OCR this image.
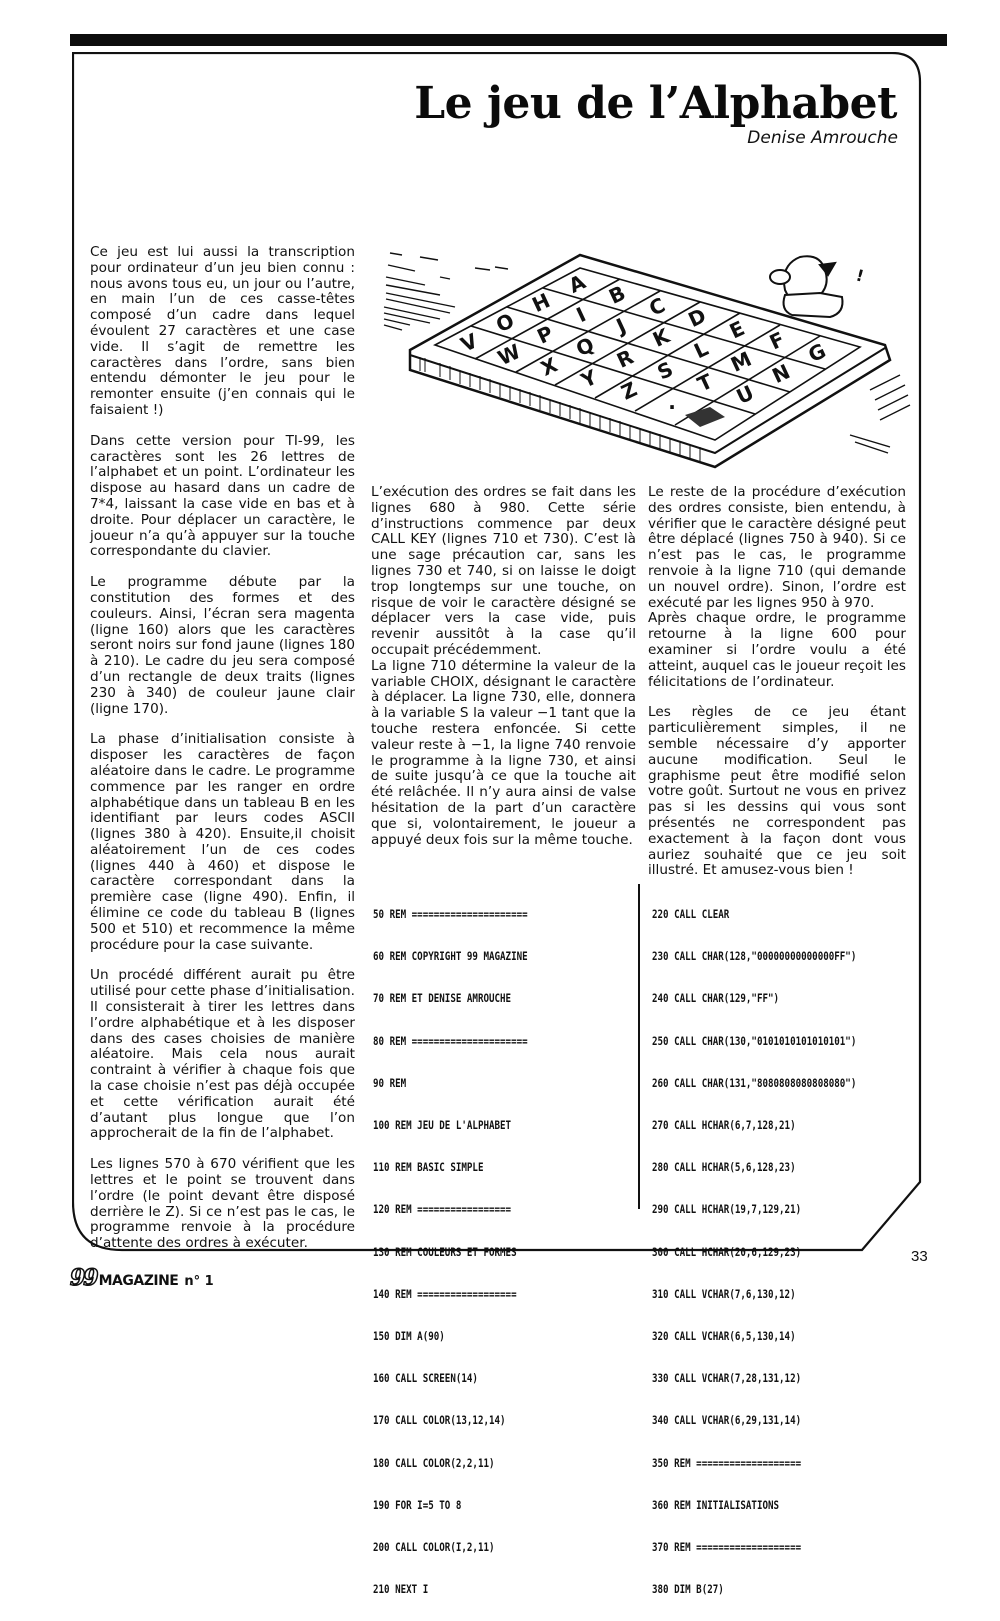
Le jeu de l’Alphabet
Denise Amrouche
A B C D E F G
H I J K L M N
O P Q R S T U
V W X Y Z .
!

Ce jeu est lui aussi la transcription pour ordinateur d’un jeu bien connu : nous avons tous eu, un jour ou l’autre, en main l’un de ces casse-têtes composé d’un cadre dans lequel évoulent 27 caractères et une case vide. Il s’agit de remettre les caractères dans l’ordre, sans bien entendu démonter le jeu pour le remonter ensuite (j’en connais qui le faisaient !)

Dans cette version pour TI-99, les caractères sont les 26 lettres de l’alphabet et un point. L’ordinateur les dispose au hasard dans un cadre de 7*4, laissant la case vide en bas et à droite. Pour déplacer un caractère, le joueur n’a qu’à appuyer sur la touche correspondante du clavier.

Le programme débute par la constitution des formes et des couleurs. Ainsi, l’écran sera magenta (ligne 160) alors que les caractères seront noirs sur fond jaune (lignes 180 à 210). Le cadre du jeu sera composé d’un rectangle de deux traits (lignes 230 à 340) de couleur jaune clair (ligne 170).

La phase d’initialisation consiste à disposer les caractères de façon aléatoire dans le cadre. Le programme commence par les ranger en ordre alphabétique dans un tableau B en les identifiant par leurs codes ASCII (lignes 380 à 420). Ensuite,il choisit aléatoirement l’un de ces codes (lignes 440 à 460) et dispose le caractère correspondant dans la première case (ligne 490). Enfin, il élimine ce code du tableau B (lignes 500 et 510) et recommence la même procédure pour la case suivante.

Un procédé différent aurait pu être utilisé pour cette phase d’initialisation. Il consisterait à tirer les lettres dans l’ordre alphabétique et à les disposer dans des cases choisies de manière aléatoire. Mais cela nous aurait contraint à vérifier à chaque fois que la case choisie n’est pas déjà occupée et cette vérification aurait été d’autant plus longue que l’on approcherait de la fin de l’alphabet.

Les lignes 570 à 670 vérifient que les lettres et le point se trouvent dans l’ordre (le point devant être disposé derrière le Z). Si ce n’est pas le cas, le programme renvoie à la procédure d’attente des ordres à exécuter.

L’exécution des ordres se fait dans les lignes 680 à 980. Cette série d’instructions commence par deux CALL KEY (lignes 710 et 730). C’est là une sage précaution car, sans les lignes 730 et 740, si on laisse le doigt trop longtemps sur une touche, on risque de voir le caractère désigné se déplacer vers la case vide, puis revenir aussitôt à la case qu’il occupait précédemment.

La ligne 710 détermine la valeur de la variable CHOIX, désignant le caractère à déplacer. La ligne 730, elle, donnera à la variable S la valeur −1 tant que la touche restera enfoncée. Si cette valeur reste à −1, la ligne 740 renvoie le programme à la ligne 730, et ainsi de suite jusqu’à ce que la touche ait été relâchée. Il n’y aura ainsi de valse hésitation de la part d’un caractère que si, volontairement, le joueur a appuyé deux fois sur la même touche.

Le reste de la procédure d’exécution des ordres consiste, bien entendu, à vérifier que le caractère désigné peut être déplacé (lignes 750 à 940). Si ce n’est pas le cas, le programme renvoie à la ligne 710 (qui demande un nouvel ordre). Sinon, l’ordre est exécuté par les lignes 950 à 970.

Après chaque ordre, le programme retourne à la ligne 600 pour examiner si l’ordre voulu a été atteint, auquel cas le joueur reçoit les félicitations de l’ordinateur.

Les règles de ce jeu étant particulièrement simples, il ne semble nécessaire d’y apporter aucune modification. Seul le graphisme peut être modifié selon votre goût. Surtout ne vous en privez pas si les dessins qui vous sont présentés ne correspondent pas exactement à la façon dont vous auriez souhaité que ce jeu soit illustré. Et amusez-vous bien !

50 REM =====================

60 REM COPYRIGHT 99 MAGAZINE

70 REM ET DENISE AMROUCHE

80 REM =====================

90 REM

100 REM JEU DE L'ALPHABET

110 REM BASIC SIMPLE

120 REM =================

130 REM COULEURS ET FORMES

140 REM ==================

150 DIM A(90)

160 CALL SCREEN(14)

170 CALL COLOR(13,12,14)

180 CALL COLOR(2,2,11)

190 FOR I=5 TO 8

200 CALL COLOR(I,2,11)

210 NEXT I

220 CALL CLEAR

230 CALL CHAR(128,"00000000000000FF")

240 CALL CHAR(129,"FF")

250 CALL CHAR(130,"0101010101010101")

260 CALL CHAR(131,"8080808080808080")

270 CALL HCHAR(6,7,128,21)

280 CALL HCHAR(5,6,128,23)

290 CALL HCHAR(19,7,129,21)

300 CALL HCHAR(20,6,129,23)

310 CALL VCHAR(7,6,130,12)

320 CALL VCHAR(6,5,130,14)

330 CALL VCHAR(7,28,131,12)

340 CALL VCHAR(6,29,131,14)

350 REM ===================

360 REM INITIALISATIONS

370 REM ===================

380 DIM B(27)

99 MAGAZINE n° 1
33
